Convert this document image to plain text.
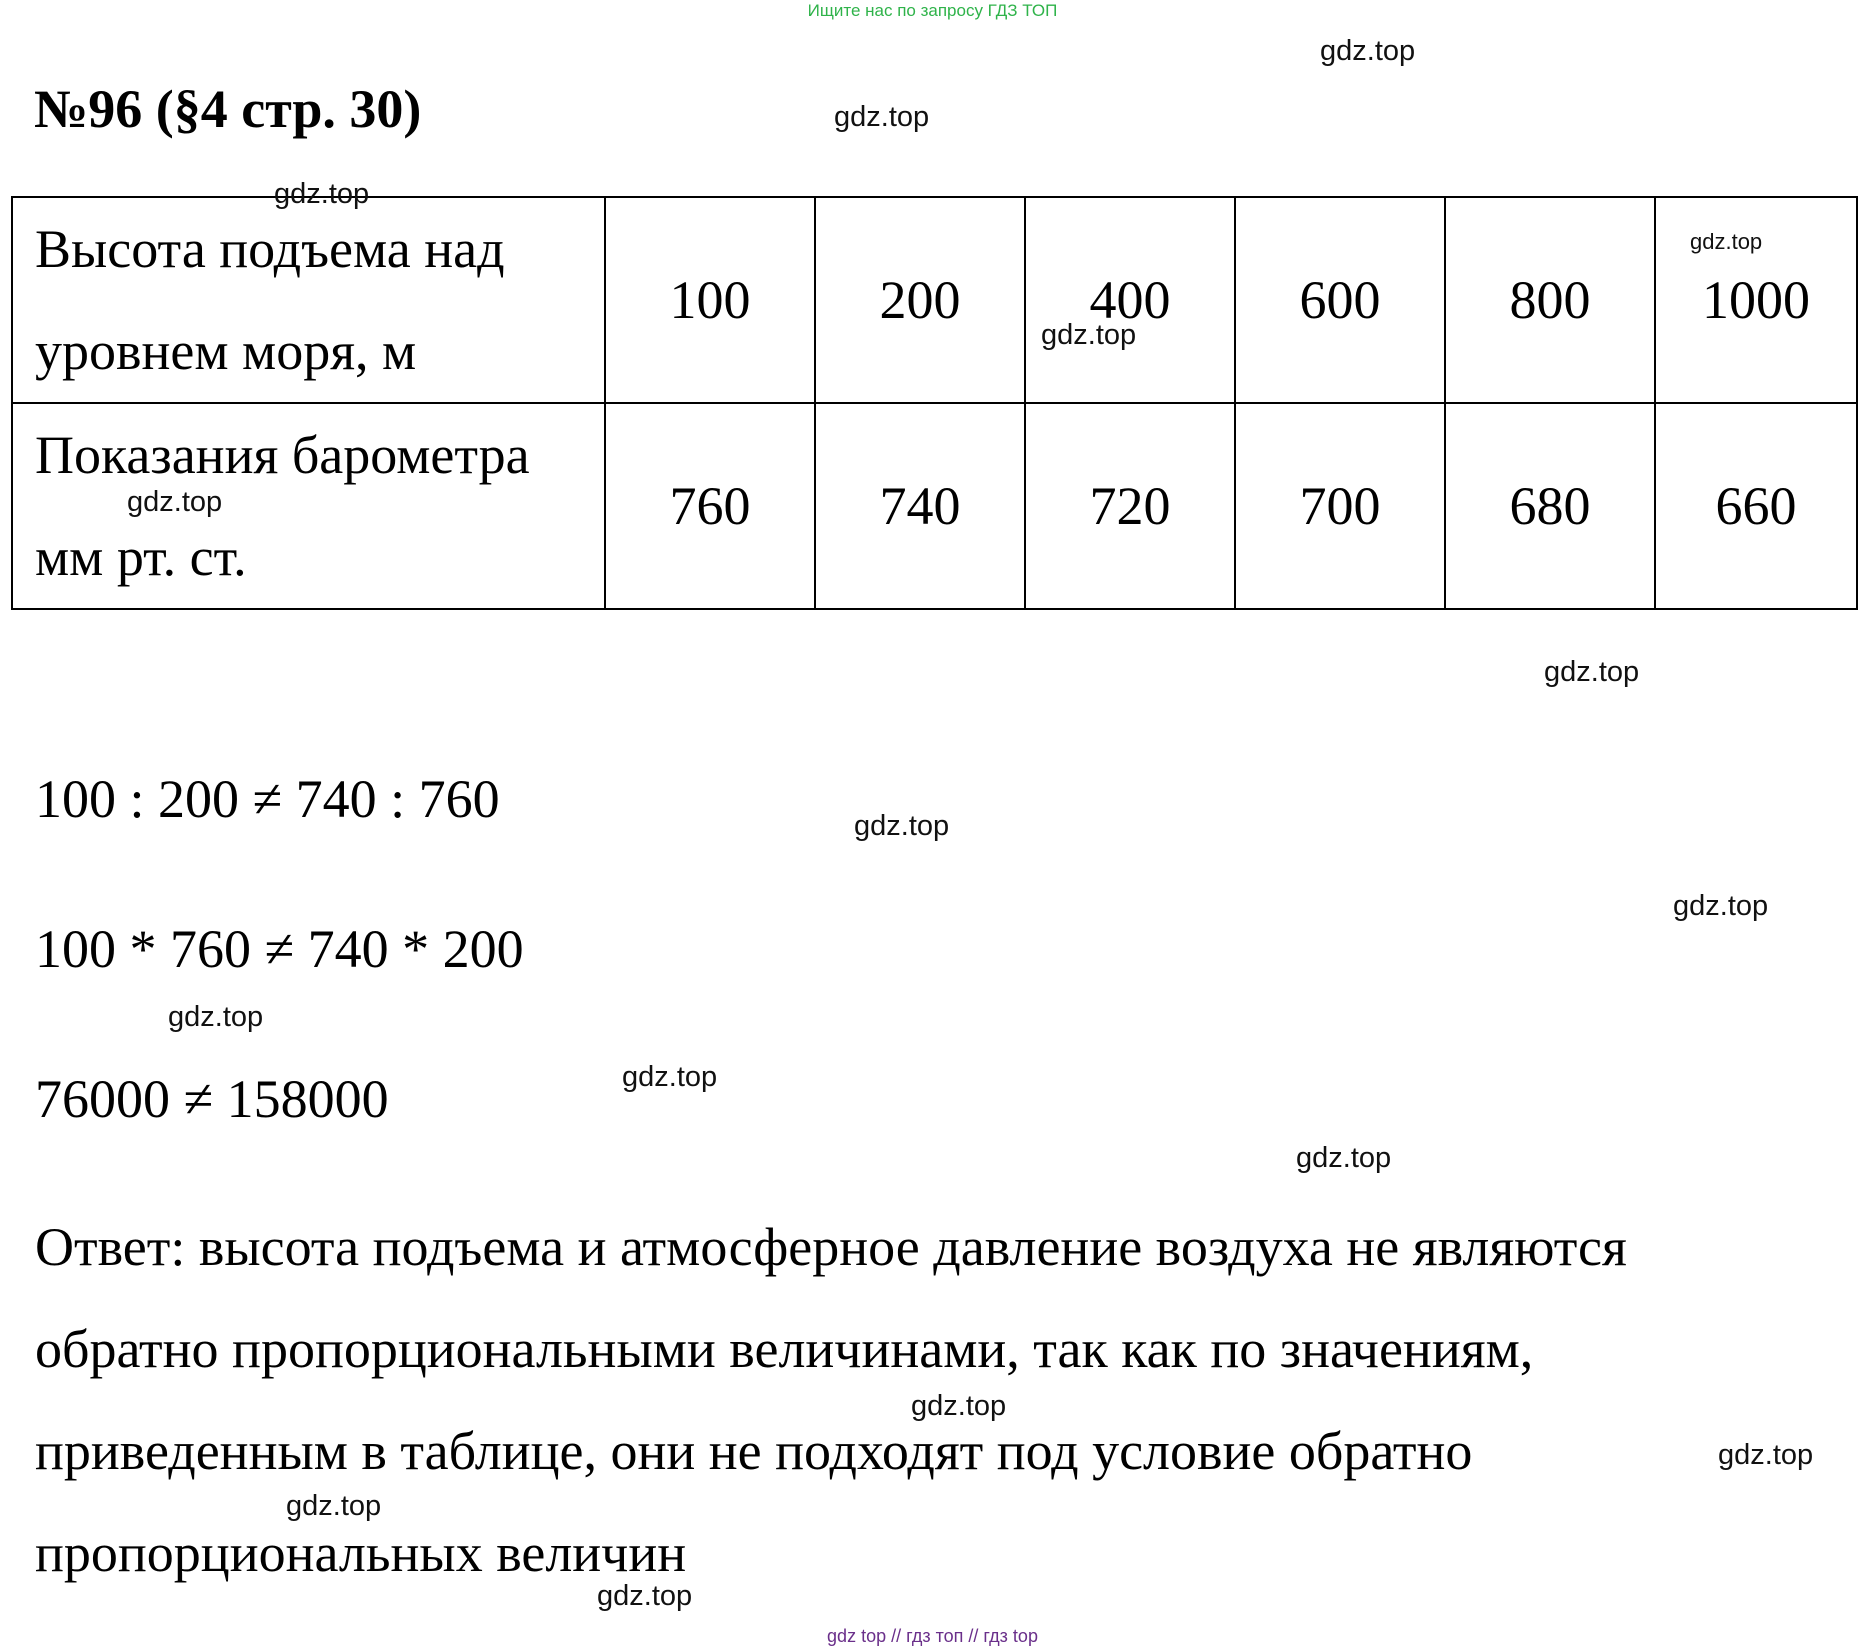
Ищите нас по запросу ГДЗ ТОП
№96 (§4 стр. 30)
Высота подъема над
уровнем моря, м	100	200	400	600	800	1000

Показания барометра
мм рт. ст.	760	740	720	700	680	660
100 : 200 ≠ 740 : 760
100 * 760 ≠ 740 * 200
76000 ≠ 158000
Ответ: высота подъема и атмосферное давление воздуха не являются
обратно пропорциональными величинами, так как по значениям,
приведенным в таблице, они не подходят под условие обратно
пропорциональных величин
gdz.top
gdz.top
gdz.top
gdz.top
gdz.top
gdz.top
gdz.top
gdz.top
gdz.top
gdz.top
gdz.top
gdz.top
gdz.top
gdz.top
gdz.top
gdz.top
gdz top // гдз топ // гдз top
